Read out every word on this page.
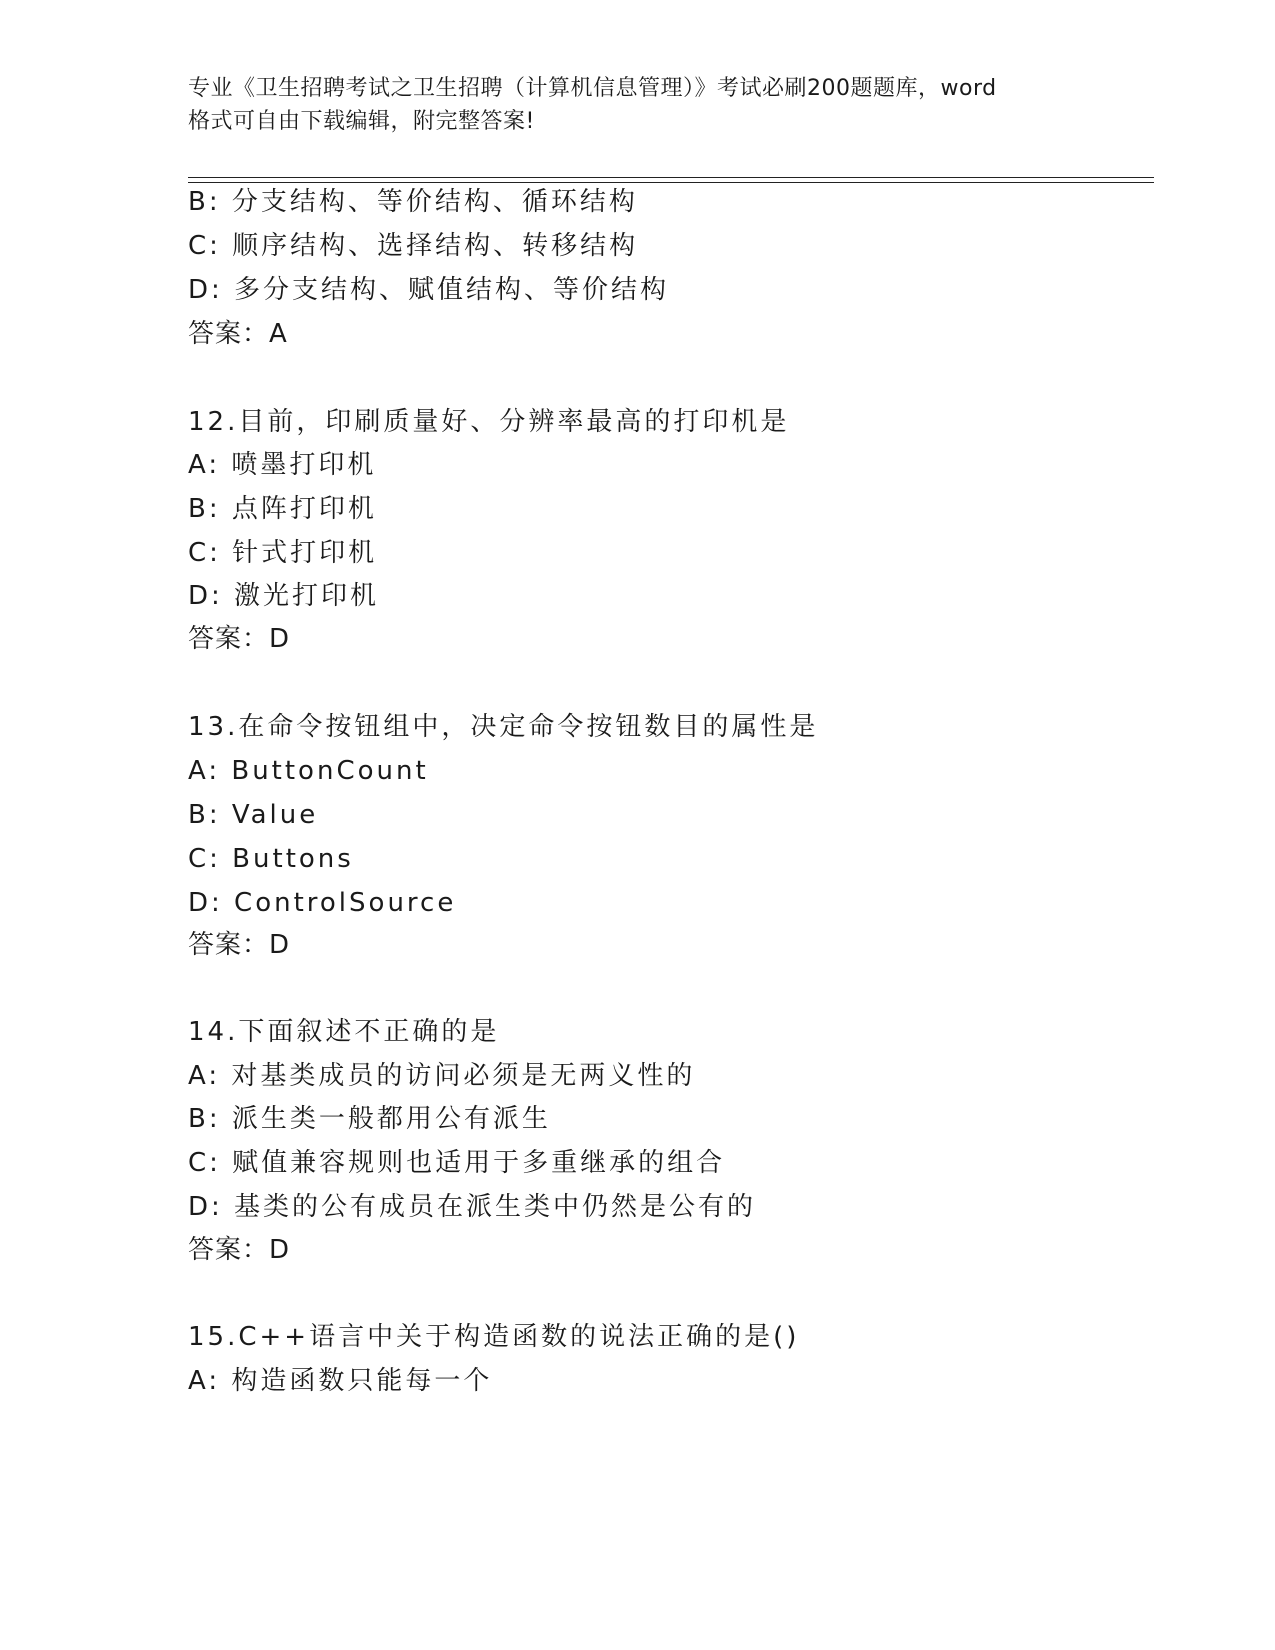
专业《卫生招聘考试之卫生招聘（计算机信息管理）》考试必刷200题题库，word
格式可自由下载编辑，附完整答案!
B: 分支结构、等价结构、循环结构
C: 顺序结构、选择结构、转移结构
D: 多分支结构、赋值结构、等价结构
答案：A
12.目前，印刷质量好、分辨率最高的打印机是
A: 喷墨打印机
B: 点阵打印机
C: 针式打印机
D: 激光打印机
答案：D
13.在命令按钮组中，决定命令按钮数目的属性是
A: ButtonCount
B: Value
C: Buttons
D: ControlSource
答案：D
14.下面叙述不正确的是
A: 对基类成员的访问必须是无两义性的
B: 派生类一般都用公有派生
C: 赋值兼容规则也适用于多重继承的组合
D: 基类的公有成员在派生类中仍然是公有的
答案：D
15.C++语言中关于构造函数的说法正确的是()
A: 构造函数只能每一个
